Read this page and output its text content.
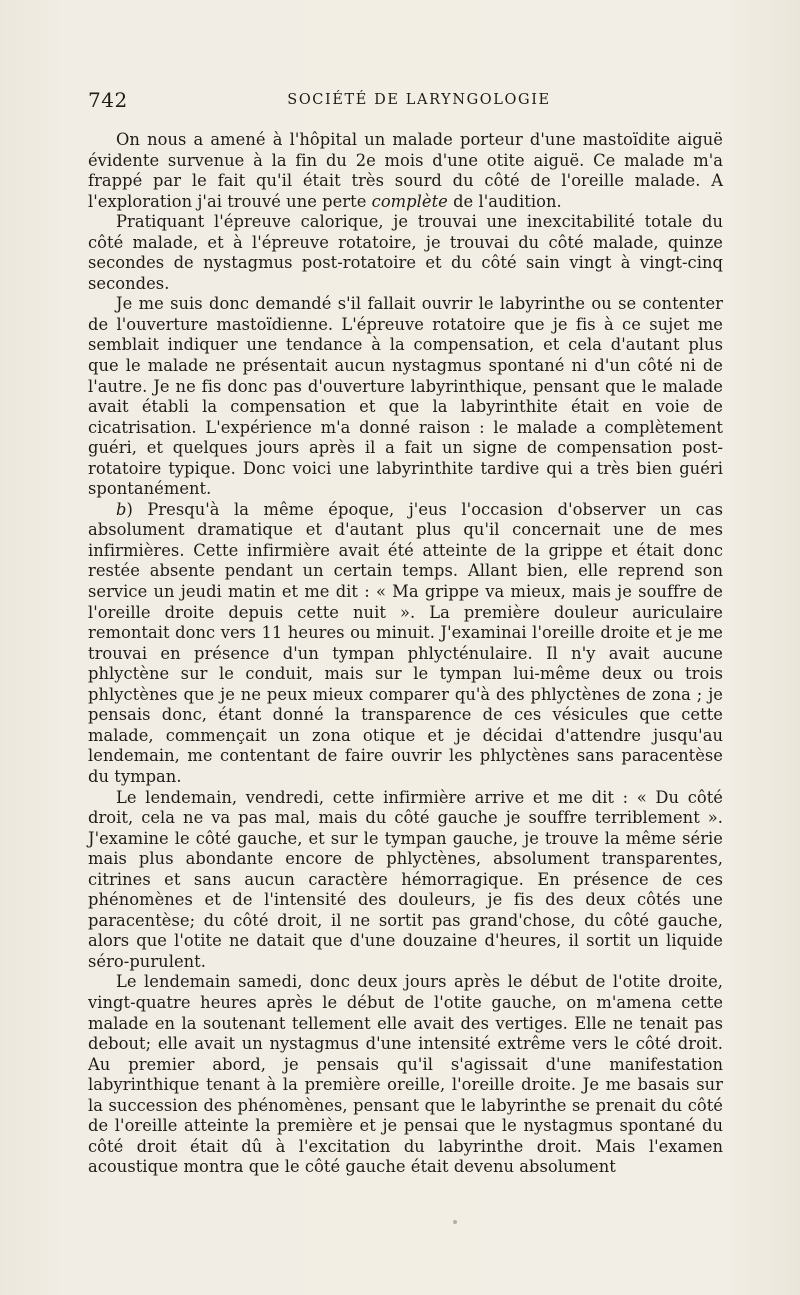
742	SOCIÉTÉ DE LARYNGOLOGIE

On nous a amené à l'hôpital un malade porteur d'une mastoïdite aiguë évidente survenue à la fin du 2e mois d'une otite aiguë. Ce malade m'a frappé par le fait qu'il était très sourd du côté de l'oreille malade. A l'exploration j'ai trouvé une perte complète de l'audition.

Pratiquant l'épreuve calorique, je trouvai une inexcitabilité totale du côté malade, et à l'épreuve rotatoire, je trouvai du côté malade, quinze secondes de nystagmus post-rotatoire et du côté sain vingt à vingt-cinq secondes.

Je me suis donc demandé s'il fallait ouvrir le labyrinthe ou se contenter de l'ouverture mastoïdienne. L'épreuve rotatoire que je fis à ce sujet me semblait indiquer une tendance à la compensation, et cela d'autant plus que le malade ne présentait aucun nystagmus spontané ni d'un côté ni de l'autre. Je ne fis donc pas d'ouverture labyrinthique, pensant que le malade avait établi la compensation et que la labyrinthite était en voie de cicatrisation. L'expérience m'a donné raison : le malade a complètement guéri, et quelques jours après il a fait un signe de compensation post-rotatoire typique. Donc voici une labyrinthite tardive qui a très bien guéri spontanément.

b) Presqu'à la même époque, j'eus l'occasion d'observer un cas absolument dramatique et d'autant plus qu'il concernait une de mes infirmières. Cette infirmière avait été atteinte de la grippe et était donc restée absente pendant un certain temps. Allant bien, elle reprend son service un jeudi matin et me dit : « Ma grippe va mieux, mais je souffre de l'oreille droite depuis cette nuit ». La première douleur auriculaire remontait donc vers 11 heures ou minuit. J'examinai l'oreille droite et je me trouvai en présence d'un tympan phlycténulaire. Il n'y avait aucune phlyctène sur le conduit, mais sur le tympan lui-même deux ou trois phlyctènes que je ne peux mieux comparer qu'à des phlyctènes de zona ; je pensais donc, étant donné la transparence de ces vésicules que cette malade, commençait un zona otique et je décidai d'attendre jusqu'au lendemain, me contentant de faire ouvrir les phlyctènes sans paracentèse du tympan.

Le lendemain, vendredi, cette infirmière arrive et me dit : « Du côté droit, cela ne va pas mal, mais du côté gauche je souffre terriblement ». J'examine le côté gauche, et sur le tympan gauche, je trouve la même série mais plus abondante encore de phlyctènes, absolument transparentes, citrines et sans aucun caractère hémorragique. En présence de ces phénomènes et de l'intensité des douleurs, je fis des deux côtés une paracentèse; du côté droit, il ne sortit pas grand'chose, du côté gauche, alors que l'otite ne datait que d'une douzaine d'heures, il sortit un liquide séro-purulent.

Le lendemain samedi, donc deux jours après le début de l'otite droite, vingt-quatre heures après le début de l'otite gauche, on m'amena cette malade en la soutenant tellement elle avait des vertiges. Elle ne tenait pas debout; elle avait un nystagmus d'une intensité extrême vers le côté droit. Au premier abord, je pensais qu'il s'agissait d'une manifestation labyrinthique tenant à la première oreille, l'oreille droite. Je me basais sur la succession des phénomènes, pensant que le labyrinthe se prenait du côté de l'oreille atteinte la première et je pensai que le nystagmus spontané du côté droit était dû à l'excitation du labyrinthe droit. Mais l'examen acoustique montra que le côté gauche était devenu absolument
